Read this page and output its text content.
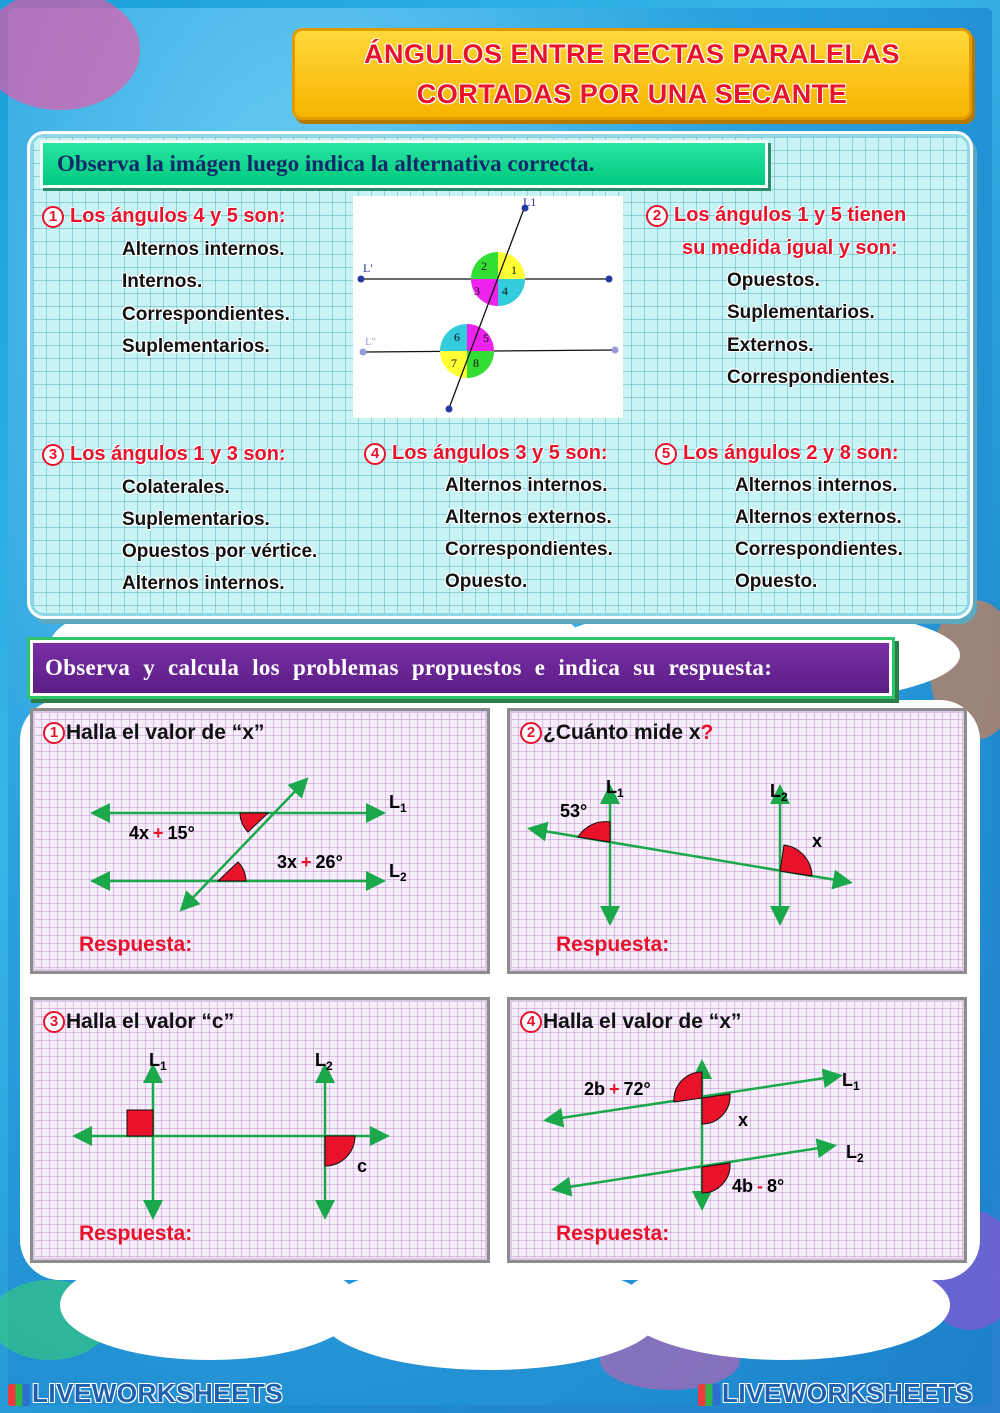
ÁNGULOS ENTRE RECTAS PARALELAS
CORTADAS POR UNA SECANTE
Observa la imágen luego indica la alternativa correcta.
1 Los ángulos 4 y 5 son:
Alternos internos.
Internos.
Correspondientes.
Suplementarios.
2 1
3 4
6 5
7 8
L'
L''
L1
2 Los ángulos 1 y 5 tienen
su medida igual y son:
Opuestos.
Suplementarios.
Externos.
Correspondientes.
3 Los ángulos 1 y 3 son:
Colaterales.
Suplementarios.
Opuestos por vértice.
Alternos internos.
4 Los ángulos 3 y 5 son:
Alternos internos.
Alternos externos.
Correspondientes.
Opuesto.
5 Los ángulos 2 y 8 son:
Alternos internos.
Alternos externos.
Correspondientes.
Opuesto.
Observa y calcula los problemas propuestos e indica su respuesta:
1 Halla el valor de “x”
$L_1$
$L_2$
4x + 15°
3x + 26°
Respuesta:
2 ¿Cuánto mide x?
$L_1$	$L_2$
53°
x
Respuesta:
3 Halla el valor “c”
$L_1$	$L_2$
c
Respuesta:
4 Halla el valor de “x”
$L_1$
$L_2$
2b + 72°
x
4b - 8°
Respuesta:
LIVEWORKSHEETS	LIVEWORKSHEETS
